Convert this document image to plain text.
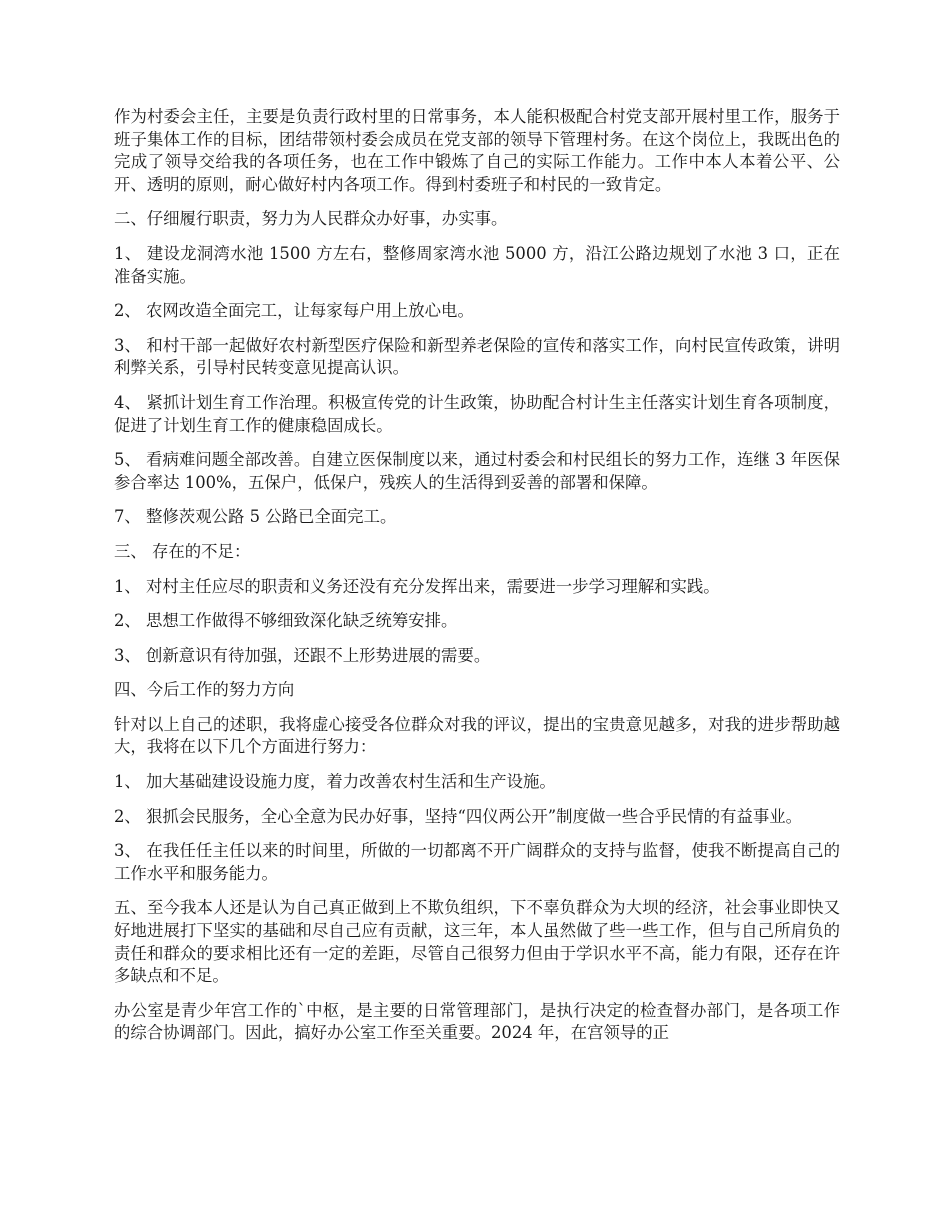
作为村委会主任，主要是负责行政村里的日常事务，本人能积极配合村党支部开展村里工作，服务于班子集体工作的目标，团结带领村委会成员在党支部的领导下管理村务。在这个岗位上，我既出色的完成了领导交给我的各项任务，也在工作中锻炼了自己的实际工作能力。工作中本人本着公平、公开、透明的原则，耐心做好村内各项工作。得到村委班子和村民的一致肯定。

二、仔细履行职责，努力为人民群众办好事，办实事。

1、 建设龙洞湾水池 1500 方左右，整修周家湾水池 5000 方，沿江公路边规划了水池 3 口，正在准备实施。

2、 农网改造全面完工，让每家每户用上放心电。

3、 和村干部一起做好农村新型医疗保险和新型养老保险的宣传和落实工作，向村民宣传政策，讲明利弊关系，引导村民转变意见提高认识。

4、 紧抓计划生育工作治理。积极宣传党的计生政策，协助配合村计生主任落实计划生育各项制度，促进了计划生育工作的健康稳固成长。

5、 看病难问题全部改善。自建立医保制度以来，通过村委会和村民组长的努力工作，连继 3 年医保参合率达 100%，五保户，低保户，残疾人的生活得到妥善的部署和保障。

7、 整修茨观公路 5 公路已全面完工。

三、 存在的不足：

1、 对村主任应尽的职责和义务还没有充分发挥出来，需要进一步学习理解和实践。

2、 思想工作做得不够细致深化缺乏统筹安排。

3、 创新意识有待加强，还跟不上形势进展的需要。

四、今后工作的努力方向

针对以上自己的述职，我将虚心接受各位群众对我的评议，提出的宝贵意见越多，对我的进步帮助越大，我将在以下几个方面进行努力：

1、 加大基础建设设施力度，着力改善农村生活和生产设施。

2、 狠抓会民服务，全心全意为民办好事，坚持“四仪两公开”制度做一些合乎民情的有益事业。

3、 在我任任主任以来的时间里，所做的一切都离不开广阔群众的支持与监督，使我不断提高自己的工作水平和服务能力。

五、至今我本人还是认为自己真正做到上不欺负组织，下不辜负群众为大坝的经济，社会事业即快又好地进展打下坚实的基础和尽自己应有贡献，这三年，本人虽然做了些一些工作，但与自己所肩负的责任和群众的要求相比还有一定的差距，尽管自己很努力但由于学识水平不高，能力有限，还存在许多缺点和不足。

办公室是青少年宫工作的`中枢，是主要的日常管理部门，是执行决定的检查督办部门，是各项工作的综合协调部门。因此，搞好办公室工作至关重要。2024 年，在宫领导的正
